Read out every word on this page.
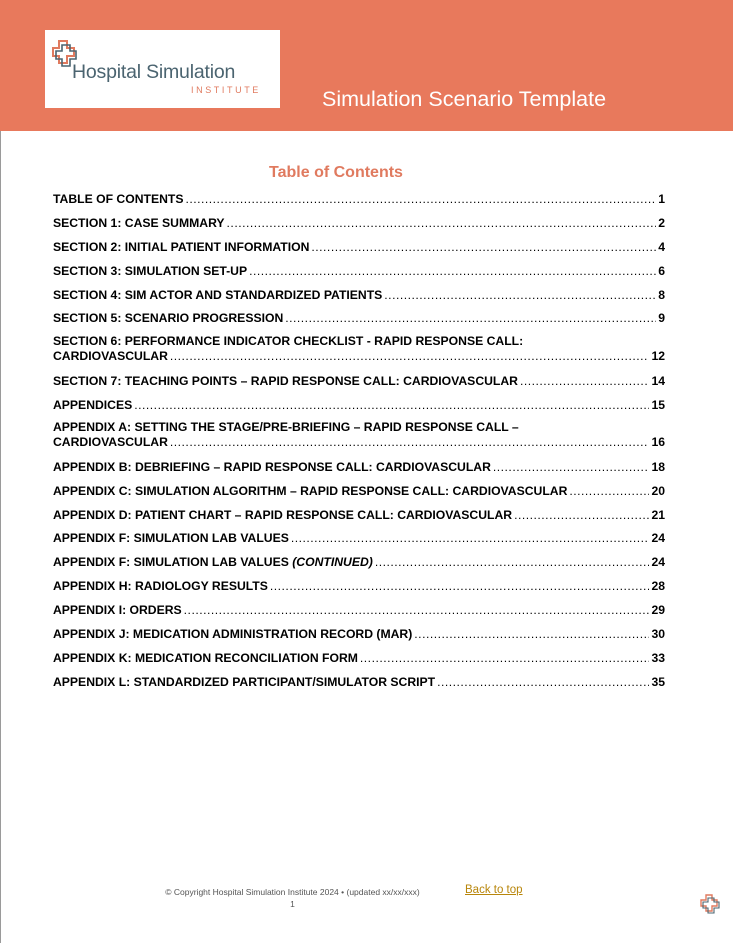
Hospital Simulation
INSTITUTE	Simulation Scenario Template
Table of Contents
TABLE OF CONTENTS .....	1
SECTION 1: CASE SUMMARY .....	2
SECTION 2: INITIAL PATIENT INFORMATION .....	4
SECTION 3: SIMULATION SET-UP .....	6
SECTION 4: SIM ACTOR AND STANDARDIZED PATIENTS .....	8
SECTION 5: SCENARIO PROGRESSION .....	9
SECTION 6: PERFORMANCE INDICATOR CHECKLIST - RAPID RESPONSE CALL:
CARDIOVASCULAR .....	12
SECTION 7: TEACHING POINTS – RAPID RESPONSE CALL: CARDIOVASCULAR .....	14
APPENDICES .....	15
APPENDIX A: SETTING THE STAGE/PRE-BRIEFING – RAPID RESPONSE CALL –
CARDIOVASCULAR .....	16
APPENDIX B: DEBRIEFING – RAPID RESPONSE CALL: CARDIOVASCULAR .....	18
APPENDIX C: SIMULATION ALGORITHM – RAPID RESPONSE CALL: CARDIOVASCULAR .....	20
APPENDIX D: PATIENT CHART – RAPID RESPONSE CALL: CARDIOVASCULAR .....	21
APPENDIX F: SIMULATION LAB VALUES .....	24
APPENDIX F: SIMULATION LAB VALUES (CONTINUED) .....	24
APPENDIX H: RADIOLOGY RESULTS .....	28
APPENDIX I: ORDERS .....	29
APPENDIX J: MEDICATION ADMINISTRATION RECORD (MAR) .....	30
APPENDIX K: MEDICATION RECONCILIATION FORM .....	33
APPENDIX L: STANDARDIZED PARTICIPANT/SIMULATOR SCRIPT .....	35
© Copyright Hospital Simulation Institute 2024 • (updated xx/xx/xxx)
1
Back to top
